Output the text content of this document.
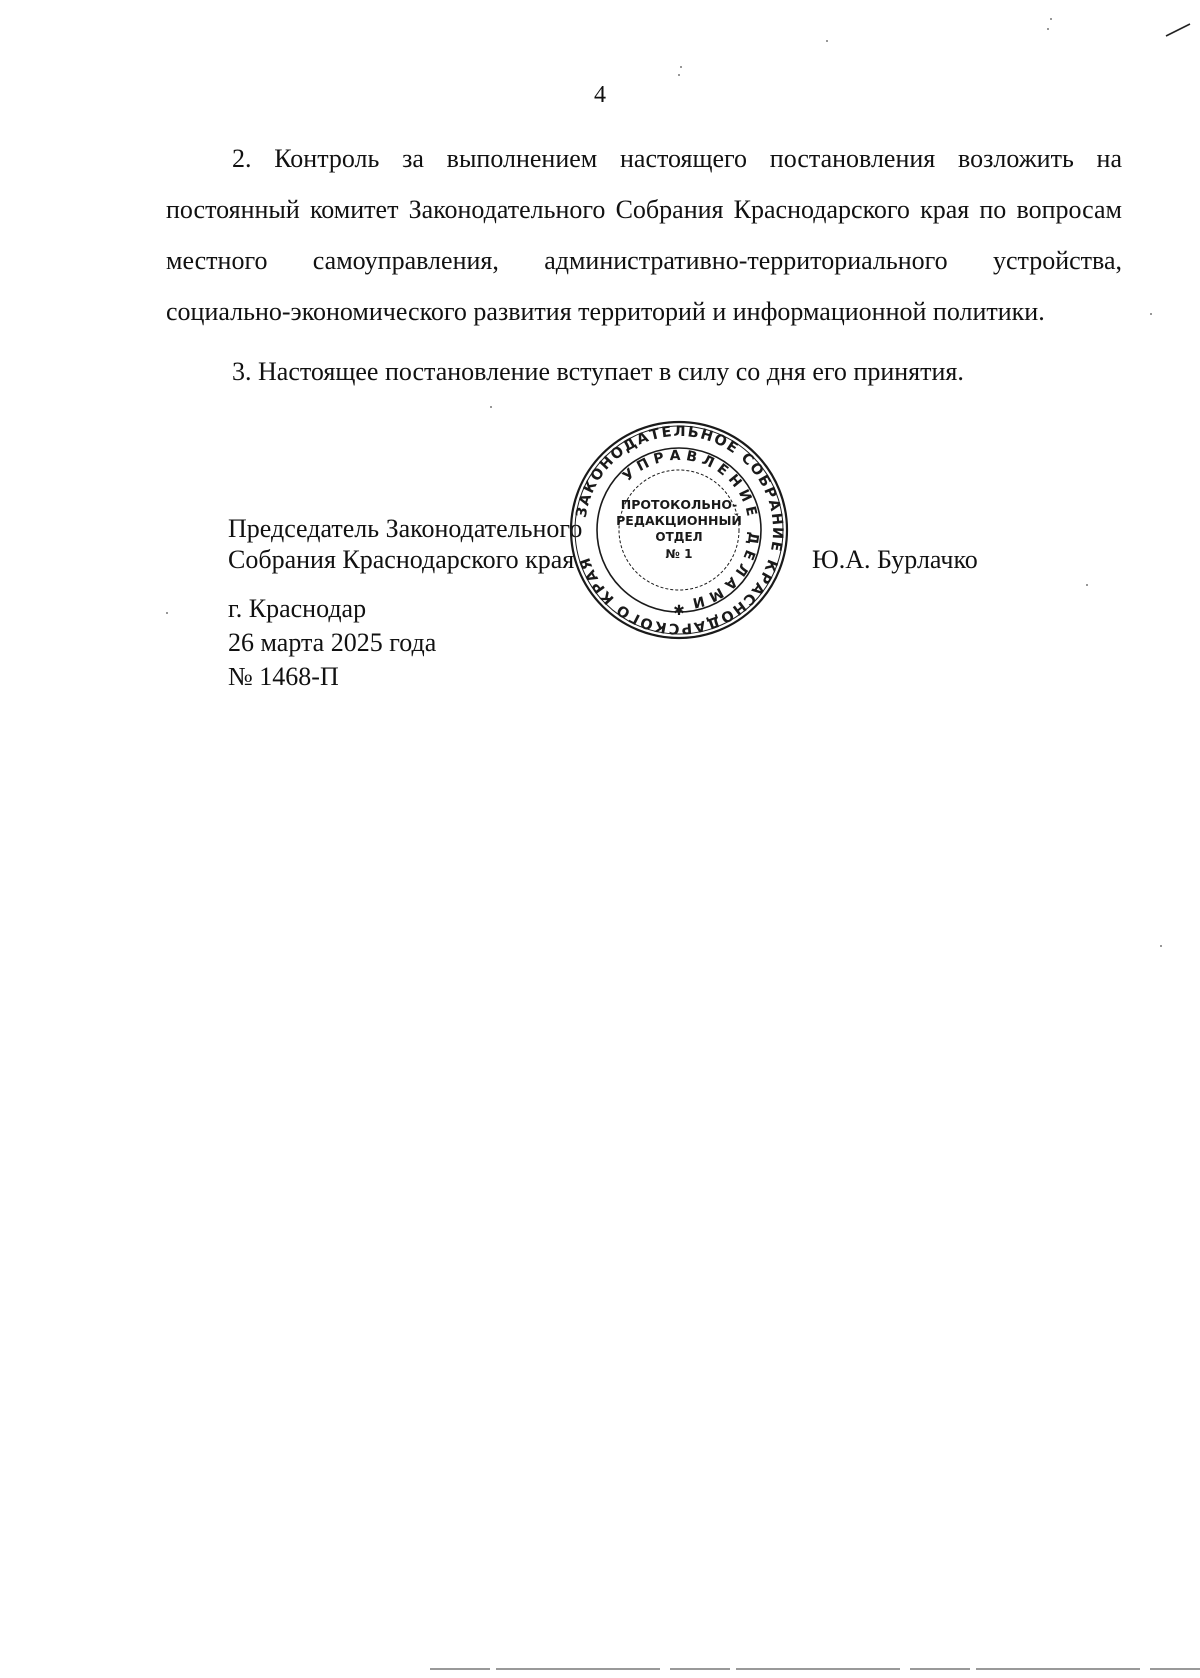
4

2. Контроль за выполнением настоящего постановления возложить на постоянный комитет Законодательного Собрания Краснодарского края по вопросам местного самоуправления, административно-территориального устройства, социально-экономического развития территорий и информационной политики.

3. Настоящее постановление вступает в силу со дня его принятия.

Председатель Законодательного
Собрания Краснодарского края	Ю.А. Бурлачко
г. Краснодар
26 марта 2025 года
№ 1468-П
ЗАКОНОДАТЕЛЬНОЕ СОБРАНИЕ КРАСНОДАРСКОГО КРАЯ
УПРАВЛЕНИЕ ДЕЛАМИ
ПРОТОКОЛЬНО-
РЕДАКЦИОННЫЙ
ОТДЕЛ
№ 1
✱
